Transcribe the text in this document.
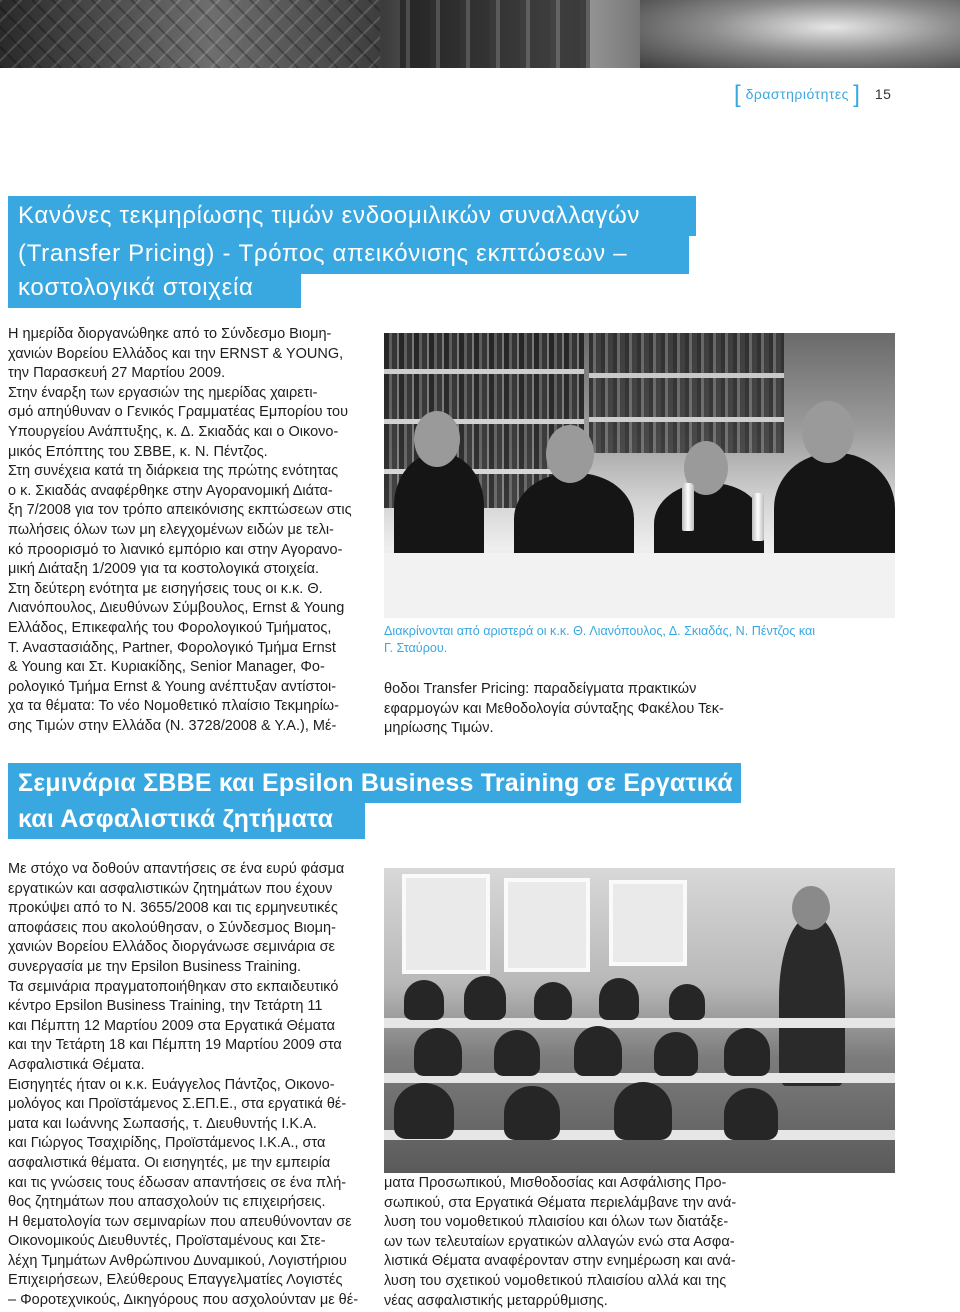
[ δραστηριότητες ] 15
Κανόνες τεκμηρίωσης τιμών ενδοομιλικών συναλλαγών
(Transfer Pricing) - Τρόπος απεικόνισης εκπτώσεων –
κοστολογικά στοιχεία

Η ημερίδα διοργανώθηκε από το Σύνδεσμο Βιομη-

χανιών Βορείου Ελλάδος και την ERNST & YOUNG,

την Παρασκευή 27 Μαρτίου 2009.

Στην έναρξη των εργασιών της ημερίδας χαιρετι-

σμό απηύθυναν ο Γενικός Γραμματέας Εμπορίου του

Υπουργείου Ανάπτυξης, κ. Δ. Σκιαδάς και ο Οικονο-

μικός Επόπτης του ΣΒΒΕ, κ. Ν. Πέντζος.

Στη συνέχεια κατά τη διάρκεια της πρώτης ενότητας

ο κ. Σκιαδάς αναφέρθηκε στην Αγορανομική Διάτα-

ξη 7/2008 για τον τρόπο απεικόνισης εκπτώσεων στις

πωλήσεις όλων των μη ελεγχομένων ειδών με τελι-

κό προορισμό το λιανικό εμπόριο και στην Αγορανο-

μική Διάταξη 1/2009 για τα κοστολογικά στοιχεία.

Στη δεύτερη ενότητα με εισηγήσεις τους οι κ.κ. Θ.

Λιανόπουλος, Διευθύνων Σύμβουλος, Ernst & Young

Ελλάδος, Επικεφαλής του Φορολογικού Τμήματος,

Τ. Αναστασιάδης, Partner, Φορολογικό Τμήμα Ernst

& Young και Στ. Κυριακίδης, Senior Manager, Φο-

ρολογικό Τμήμα Ernst & Young ανέπτυξαν αντίστοι-

χα τα θέματα: Το νέο Νομοθετικό πλαίσιο Τεκμηρίω-

σης Τιμών στην Ελλάδα (Ν. 3728/2008 & Υ.Α.), Μέ-

Διακρίνονται από αριστερά οι κ.κ. Θ. Λιανόπουλος, Δ. Σκιαδάς, Ν. Πέντζος και

Γ. Σταύρου.

θοδοι Transfer Pricing: παραδείγματα πρακτικών

εφαρμογών και Μεθοδολογία σύνταξης Φακέλου Τεκ-

μηρίωσης Τιμών.

Σεμινάρια ΣΒΒΕ και Epsilon Business Training σε Εργατικά
και Ασφαλιστικά ζητήματα

Με στόχο να δοθούν απαντήσεις σε ένα ευρύ φάσμα

εργατικών και ασφαλιστικών ζητημάτων που έχουν

προκύψει από το Ν. 3655/2008 και τις ερμηνευτικές

αποφάσεις που ακολούθησαν, ο Σύνδεσμος Βιομη-

χανιών Βορείου Ελλάδος διοργάνωσε σεμινάρια σε

συνεργασία με την Epsilon Business Training.

Τα σεμινάρια πραγματοποιήθηκαν στο εκπαιδευτικό

κέντρο Epsilon Business Training, την Τετάρτη 11

και Πέμπτη 12 Μαρτίου 2009 στα Εργατικά Θέματα

και την Τετάρτη 18 και Πέμπτη 19 Μαρτίου 2009 στα

Ασφαλιστικά Θέματα.

Εισηγητές ήταν οι κ.κ. Ευάγγελος Πάντζος, Οικονο-

μολόγος και Προϊστάμενος Σ.ΕΠ.Ε., στα εργατικά θέ-

ματα και Ιωάννης Σωπασής, τ. Διευθυντής Ι.Κ.Α.

και Γιώργος Τσαχιρίδης, Προϊστάμενος Ι.Κ.Α., στα

ασφαλιστικά θέματα. Οι εισηγητές, με την εμπειρία

και τις γνώσεις τους έδωσαν απαντήσεις σε ένα πλή-

θος ζητημάτων που απασχολούν τις επιχειρήσεις.

Η θεματολογία των σεμιναρίων που απευθύνονταν σε

Οικονομικούς Διευθυντές, Προϊσταμένους και Στε-

λέχη Τμημάτων Ανθρώπινου Δυναμικού, Λογιστήριου

Επιχειρήσεων, Ελεύθερους Επαγγελματίες Λογιστές

– Φοροτεχνικούς, Δικηγόρους που ασχολούνταν με θέ-

ματα Προσωπικού, Μισθοδοσίας και Ασφάλισης Προ-

σωπικού, στα Εργατικά Θέματα περιελάμβανε την ανά-

λυση του νομοθετικού πλαισίου και όλων των διατάξε-

ων των τελευταίων εργατικών αλλαγών ενώ στα Ασφα-

λιστικά Θέματα αναφέρονταν στην ενημέρωση και ανά-

λυση του σχετικού νομοθετικού πλαισίου αλλά και της

νέας ασφαλιστικής μεταρρύθμισης.
